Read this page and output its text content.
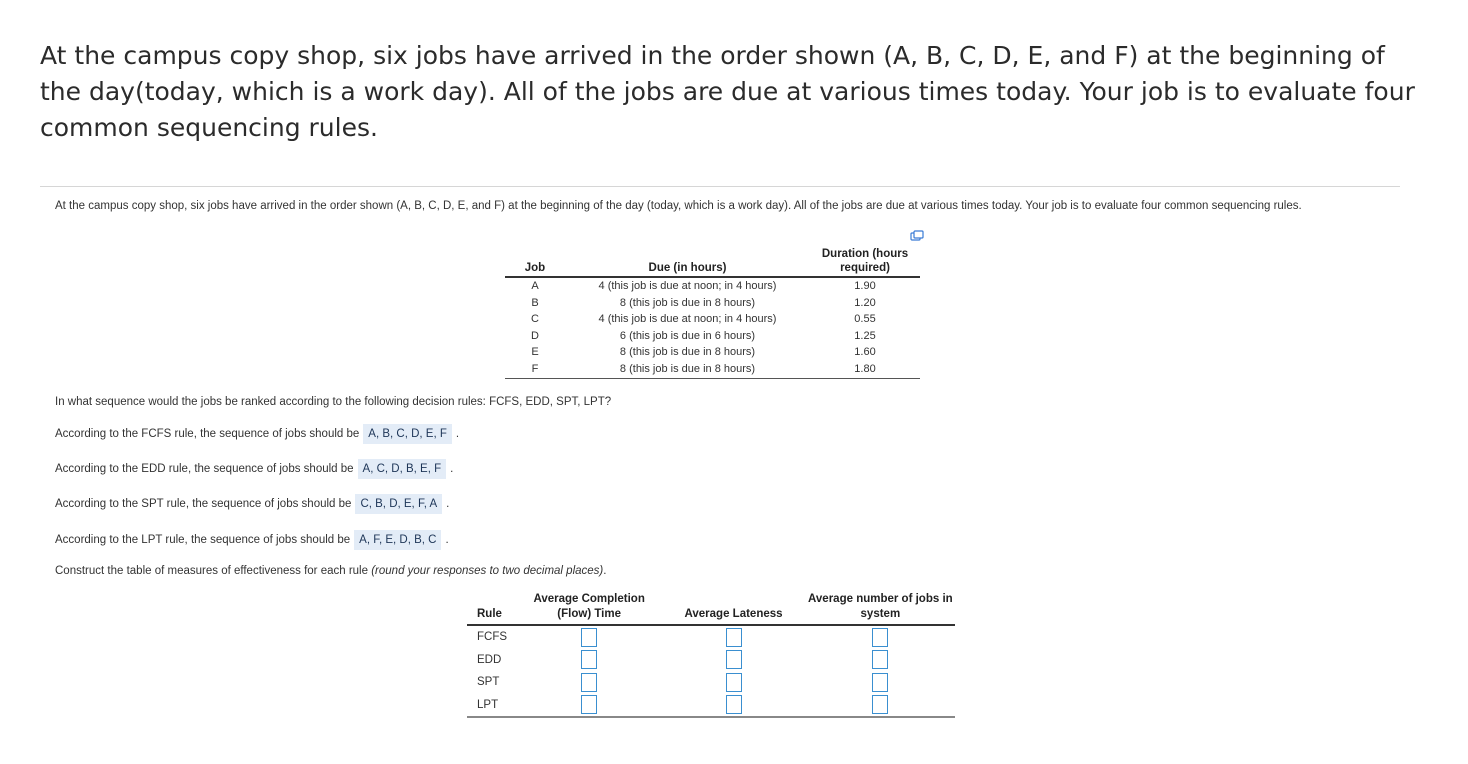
At the campus copy shop, six jobs have arrived in the order shown (A, B, C, D, E, and F) at the beginning of the day(today, which is a work day). All of the jobs are due at various times today. Your job is to evaluate four common sequencing rules.

At the campus copy shop, six jobs have arrived in the order shown (A, B, C, D, E, and F) at the beginning of the day (today, which is a work day). All of the jobs are due at various times today. Your job is to evaluate four common sequencing rules.

Job	Due (in hours)	Duration (hours required)
A	4 (this job is due at noon; in 4 hours)	1.90
B	8 (this job is due in 8 hours)	1.20
C	4 (this job is due at noon; in 4 hours)	0.55
D	6 (this job is due in 6 hours)	1.25
E	8 (this job is due in 8 hours)	1.60
F	8 (this job is due in 8 hours)	1.80

In what sequence would the jobs be ranked according to the following decision rules: FCFS, EDD, SPT, LPT?

According to the FCFS rule, the sequence of jobs should be A, B, C, D, E, F .

According to the EDD rule, the sequence of jobs should be A, C, D, B, E, F .

According to the SPT rule, the sequence of jobs should be C, B, D, E, F, A .

According to the LPT rule, the sequence of jobs should be A, F, E, D, B, C .

Construct the table of measures of effectiveness for each rule (round your responses to two decimal places).

Rule	Average Completion (Flow) Time	Average Lateness	Average number of jobs in system
FCFS			
EDD			
SPT			
LPT			
